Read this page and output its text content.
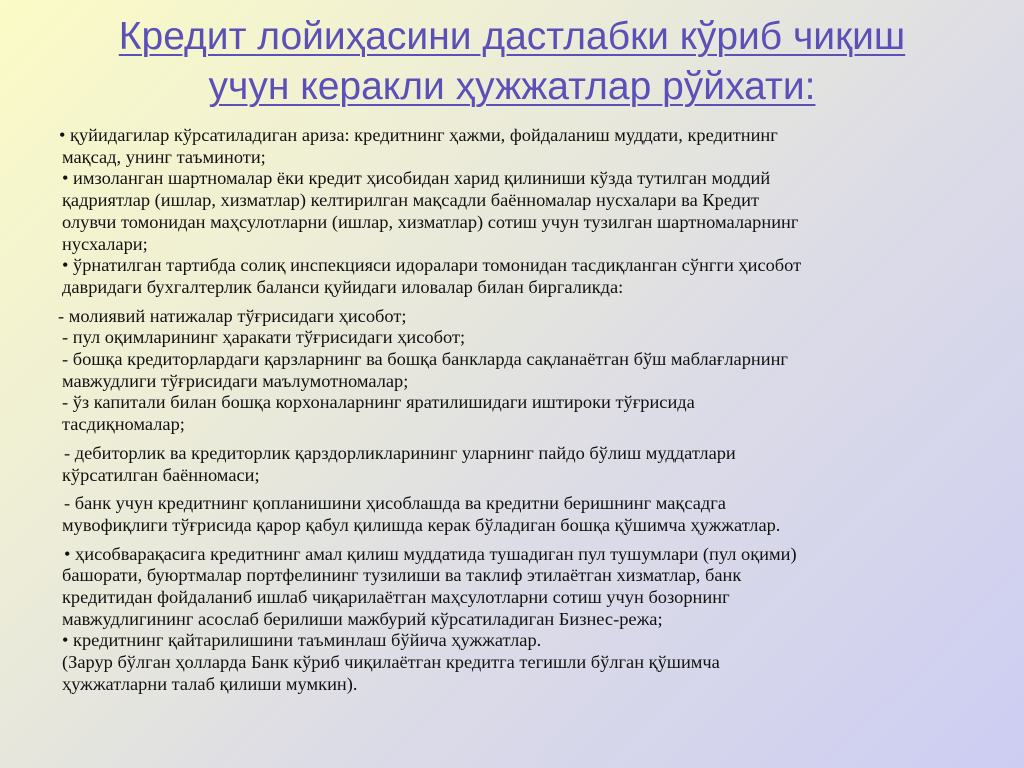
Кредит лойиҳасини дастлабки кўриб чиқиш
учун керакли ҳужжатлар рўйхати:
• қуйидагилар кўрсатиладиган ариза: кредитнинг ҳажми, фойдаланиш муддати, кредитнинг
мақсад, унинг таъминоти;
• имзоланган шартномалар ёки кредит ҳисобидан харид қилиниши кўзда тутилган моддий
қадриятлар (ишлар, хизматлар) келтирилган мақсадли баённомалар нусхалари ва Кредит
олувчи томонидан маҳсулотларни (ишлар, хизматлар) сотиш учун тузилган шартномаларнинг
нусхалари;
• ўрнатилган тартибда солиқ инспекцияси идоралари томонидан тасдиқланган сўнгги ҳисобот
давридаги бухгалтерлик баланси қуйидаги иловалар билан биргаликда:
- молиявий натижалар тўғрисидаги ҳисобот;
- пул оқимларининг ҳаракати тўғрисидаги ҳисобот;
- бошқа кредиторлардаги қарзларнинг ва бошқа банкларда сақланаётган бўш маблағларнинг
мавжудлиги тўғрисидаги маълумотномалар;
- ўз капитали билан бошқа корхоналарнинг яратилишидаги иштироки тўғрисида
тасдиқномалар;
- дебиторлик ва кредиторлик қарздорликларининг уларнинг пайдо бўлиш муддатлари
кўрсатилган баённомаси;
- банк учун кредитнинг қопланишини ҳисоблашда ва кредитни беришнинг мақсадга
мувофиқлиги тўғрисида қарор қабул қилишда керак бўладиган бошқа қўшимча ҳужжатлар.
• ҳисобварақасига кредитнинг амал қилиш муддатида тушадиган пул тушумлари (пул оқими)
башорати, буюртмалар портфелининг тузилиши ва таклиф этилаётган хизматлар, банк
кредитидан фойдаланиб ишлаб чиқарилаётган маҳсулотларни сотиш учун бозорнинг
мавжудлигининг асослаб берилиши мажбурий кўрсатиладиган Бизнес-режа;
• кредитнинг қайтарилишини таъминлаш бўйича ҳужжатлар.
(Зарур бўлган ҳолларда Банк кўриб чиқилаётган кредитга тегишли бўлган қўшимча
ҳужжатларни талаб қилиши мумкин).
